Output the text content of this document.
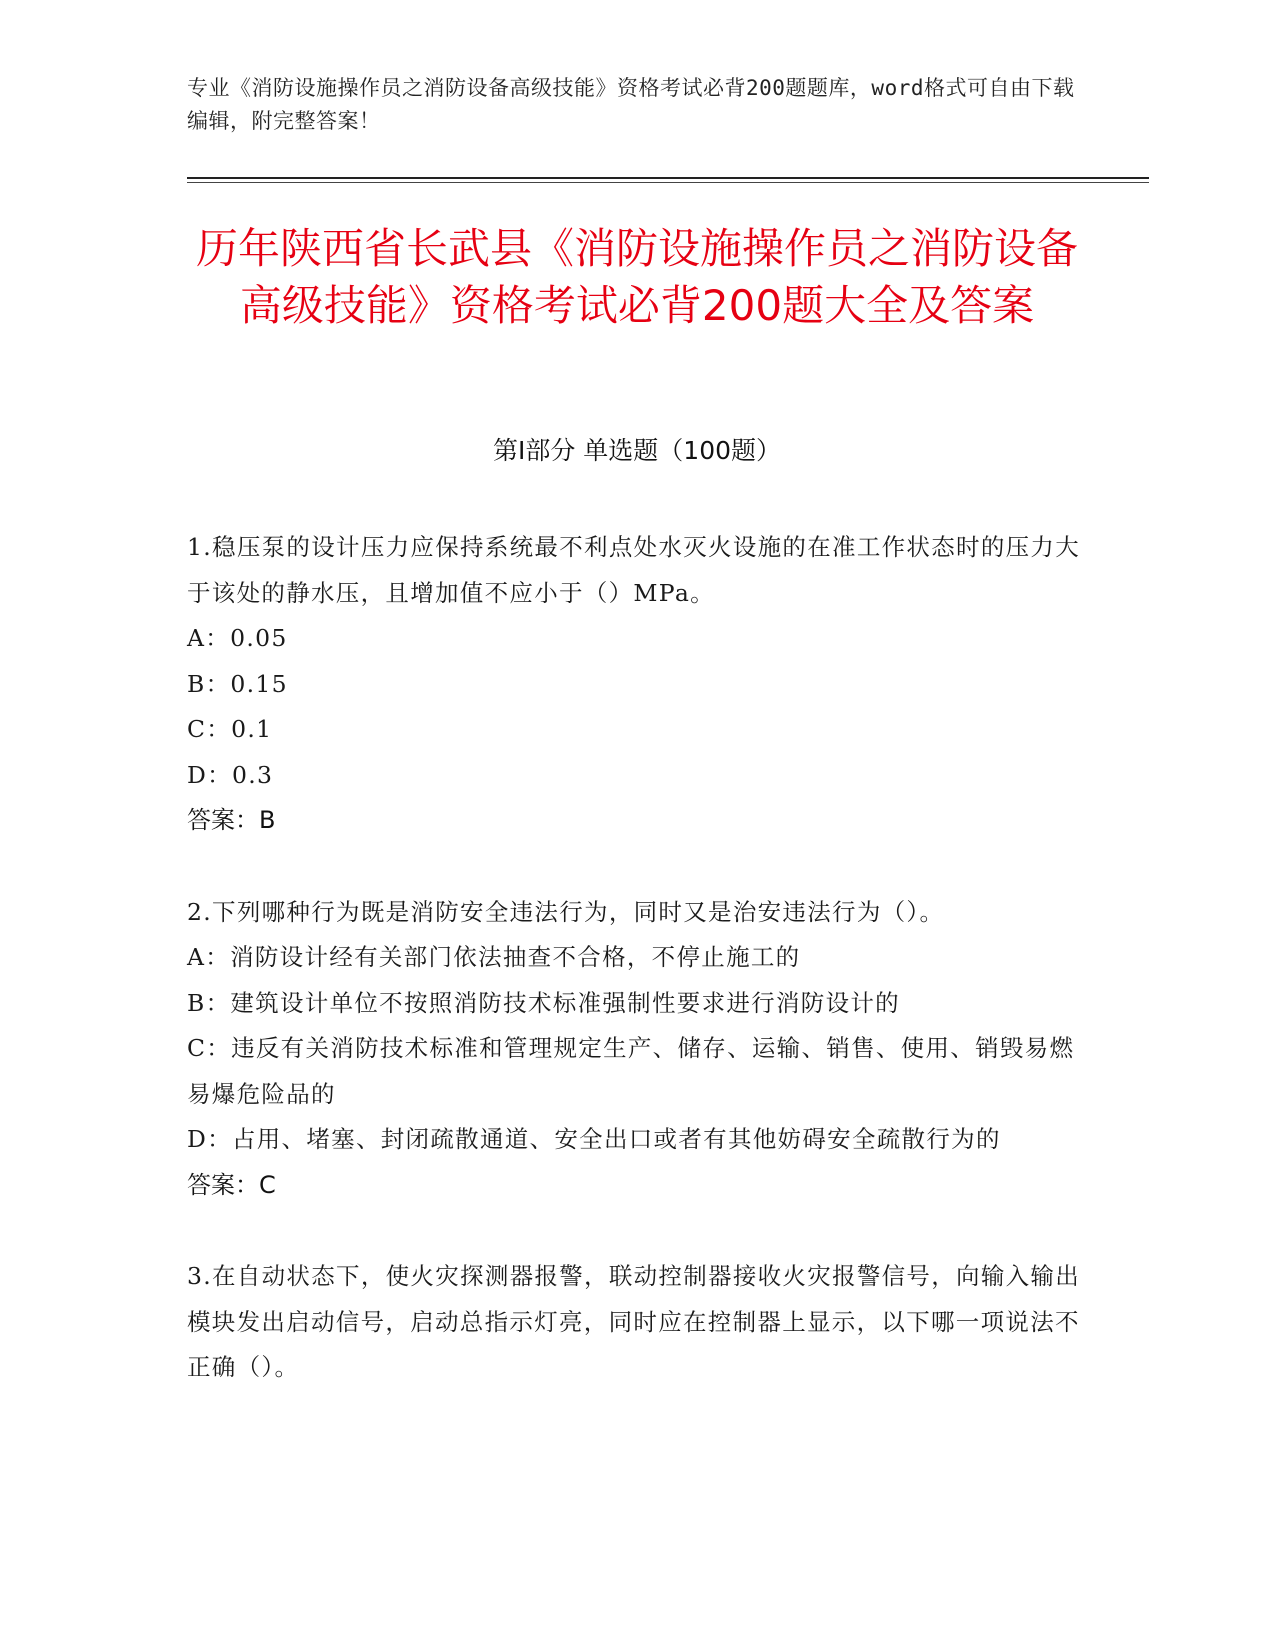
专业《消防设施操作员之消防设备高级技能》资格考试必背200题题库，word格式可自由下载编辑，附完整答案！
历年陕西省长武县《消防设施操作员之消防设备高级技能》资格考试必背200题大全及答案
第Ⅰ部分 单选题（100题）
1.稳压泵的设计压力应保持系统最不利点处水灭火设施的在准工作状态时的压力大于该处的静水压，且增加值不应小于（）MPa。
A：0.05
B：0.15
C：0.1
D：0.3
答案：B
2.下列哪种行为既是消防安全违法行为，同时又是治安违法行为（）。
A：消防设计经有关部门依法抽查不合格，不停止施工的
B：建筑设计单位不按照消防技术标准强制性要求进行消防设计的
C：违反有关消防技术标准和管理规定生产、储存、运输、销售、使用、销毁易燃易爆危险品的
D：占用、堵塞、封闭疏散通道、安全出口或者有其他妨碍安全疏散行为的
答案：C
3.在自动状态下，使火灾探测器报警，联动控制器接收火灾报警信号，向输入输出模块发出启动信号，启动总指示灯亮，同时应在控制器上显示，以下哪一项说法不正确（）。
